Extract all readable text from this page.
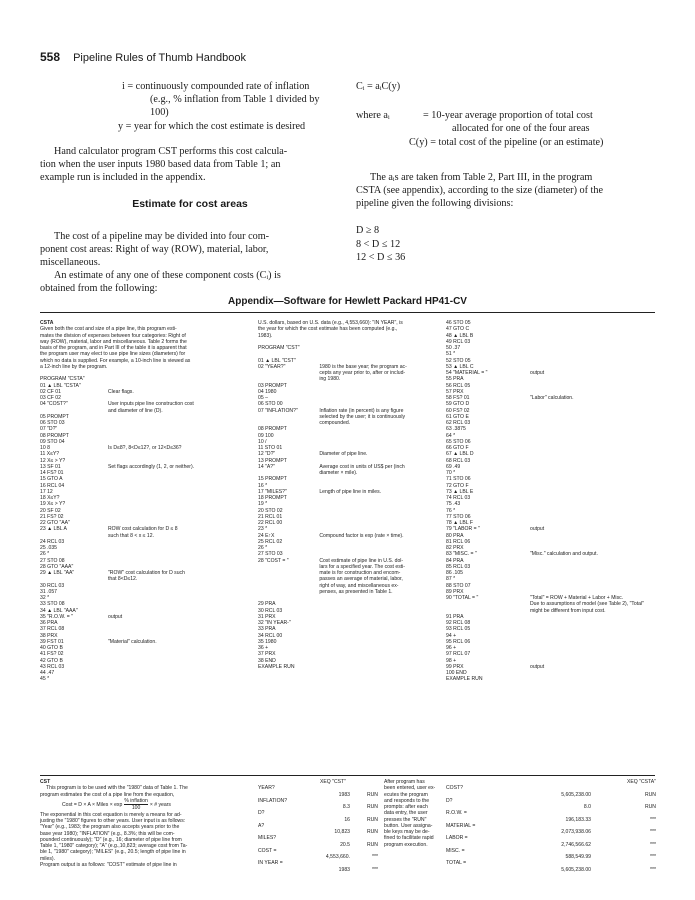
558 Pipeline Rules of Thumb Handbook

i = continuously compounded rate of inflation

(e.g., % inflation from Table 1 divided by 100)

y = year for which the cost estimate is desired

Hand calculator program CST performs this cost calcula-

tion when the user inputs 1980 based data from Table 1; an

example run is included in the appendix.

Estimate for cost areas

The cost of a pipeline may be divided into four com-

ponent cost areas: Right of way (ROW), material, labor,

miscellaneous.

An estimate of any one of these component costs (Cᵢ) is

obtained from the following:

Cᵢ = aᵢC(y)

where aᵢ	= 10-year average proportion of total cost

allocated for one of the four areas

C(y) = total cost of the pipeline (or an estimate)

The aᵢs are taken from Table 2, Part III, in the program

CSTA (see appendix), according to the size (diameter) of the

pipeline given the following divisions:

D ≥ 8

8 < D ≤ 12

12 < D ≤ 36

Appendix—Software for Hewlett Packard HP41-CV
CSTA
Given both the cost and size of a pipe line, this program esti-
mates the division of expenses between four categories: Right of
way (ROW), material, labor and miscellaneous. Table 2 forms the
basis of the program, and in Part III of the table it is apparent that
the program user may elect to use pipe line sizes (diameters) for
which no data is supplied. For example, a 10-inch line is viewed as
a 12-inch line by the program.

PROGRAM "CSTA"

01 ▲ LBL "CSTA"

02 CF 01	Clear flags.

03 CF 02

04 "COST?"	User inputs pipe line construction cost

and diameter of line (D).

05 PROMPT

06 STO 03

07 "D?"

08 PROMPT

09 STO 04

10 8	Is D≤8?, 8<D≤12?, or 12<D≤36?

11 X≤Y?

12 X≤ > Y?

13 SF 01	Set flags accordingly (1, 2, or neither).

14 FS? 01

15 GTO A

16 RCL 04

17 12

18 X≤Y?

19 X≤ > Y?

20 SF 02

21 FS? 02

22 GTO "AA"

23 ▲ LBL A	ROW cost calculation for D ≤ 8

such that 8 < x ≤ 12.

24 RCL 03

25 .035

26 *

27 STO 08

28 GTO "AAA"

29 ▲ LBL "AA"	"ROW" cost calculation for D such

that 8<D≤12.

30 RCL 03

31 .057

32 *

33 STO 08

34 ▲ LBL "AAA"

35 "R.O.W. = "	output

36 PRA

37 RCL 08

38 PRX

39 FST 01	"Material" calculation.

40 GTO B

41 FS? 02

42 GTO B

43 RCL 03

44 .47

45 *

U.S. dollars, based on U.S. data (e.g., 4,553,660): "IN YEAR", is
the year for which the cost estimate has been computed (e.g.,
1983).

PROGRAM "CST"

01 ▲ LBL "CST"

02 "YEAR?"	1980 is the base year; the program ac-

cepts any year prior to, after or includ-

ing 1980.
03 PROMPT

04 1980

05 –

06 STO 00

07 "INFLATION?"	Inflation rate (in percent) is any figure

selected by the user; it is continuously

compounded.
08 PROMPT

09 100

10 /

11 STO 01

12 "D?"	Diameter of pipe line.
13 PROMPT

14 "A?"	Average cost in units of US$ per (inch

diameter × mile).
15 PROMPT

16 *

17 "MILES?"	Length of pipe line in miles.
18 PROMPT

19 *

20 STO 02

21 RCL 01

22 RCL 00

23 *

24 E↑X	Compound factor is exp (rate × time).
25 RCL 02

26 *

27 STO 03

28 "COST = "	Cost estimate of pipe line in U.S. dol-

lars for a specified year. The cost esti-

mate is for construction and encom-

passes an average of material, labor,

right of way, and miscellaneous ex-

penses, as presented in Table 1.

29 PRA

30 RCL 03

31 PRX

32 "IN YEAR-"

33 PRA

34 RCL 00

35 1980

36 +

37 PRX

38 END

EXAMPLE RUN

46 STO 05

47 GTO C

48 ▲ LBL B

49 RCL 03

50 .37

51 *

52 STO 05

53 ▲ LBL C

54 "MATERIAL = "	output
55 PRA

56 RCL 05

57 PRX

58 FS? 01	"Labor" calculation.
59 GTO D

60 FS? 02

61 GTO E

62 RCL 03

63 .3875

64 *

65 STO 06

66 GTO F

67 ▲ LBL D

68 RCL 03

69 .49

70 *

71 STO 06

72 GTO F

73 ▲ LBL E

74 RCL 03

75 .43

76 *

77 STO 06

78 ▲ LBL F

79 "LABOR = "	output
80 PRA

81 RCL 06

82 PRX

83 "MISC. = "	"Misc." calculation and output.
84 PRA

85 RCL 03

86 .105

87 *

88 STO 07

89 PRX

90 "TOTAL = "	"Total" = ROW + Material + Labor + Misc.

Due to assumptions of model (see Table 2), "Total"

might be different from input cost.
91 PRA

92 RCL 08

93 RCL 05

94 +

95 RCL 06

96 +

97 RCL 07

98 +

99 PRX	output
100 END

EXAMPLE RUN

CST
This program is to be used with the "1980" data of Table 1. The
program estimates the cost of a pipe line from the equation,
Cost = D × A × Miles × $\exp \frac{\text{\% inflation}}{100}$ × # years
The exponential in this cost equation is merely a means for ad-
justing the "1980" figures to other years. User input is as follows:
"Year" (e.g., 1983; the program also accepts years prior to the
base year 1980); "INFLATION" (e.g., 8.3%; this will be com-
pounded continuously); "D" (e.g., 16; diameter of pipe line from
Table 1, "1980" category); "A" (e.g.,10,823; average cost from Ta-
ble 1, "1980" category); "MILES" (e.g., 20.5; length of pipe line in
miles).
Program output is as follows: "COST" estimate of pipe line in
XEQ "CST"
YEAR?

1983	RUN
INFLATION?

8.3	RUN
D?

16	RUN
A?

10,823	RUN
MILES?

20.5	RUN
COST =

4,553,660.	***
IN YEAR =

1983	***
After program has
been entered, user ex-
ecutes the program
and responds to the
prompts: after each
data entry, the user
presses the "RUN"
button. User assigna-
ble keys may be de-
fined to facilitate rapid
program execution.
XEQ "CSTA"
COST?

5,605,238.00	RUN
D?

8.0	RUN
R.O.W. =

196,183.33	***
MATERIAL =

2,073,938.06	***
LABOR =

2,746,566.62	***
MISC. =

588,549.99	***
TOTAL =

5,605,238.00	***
